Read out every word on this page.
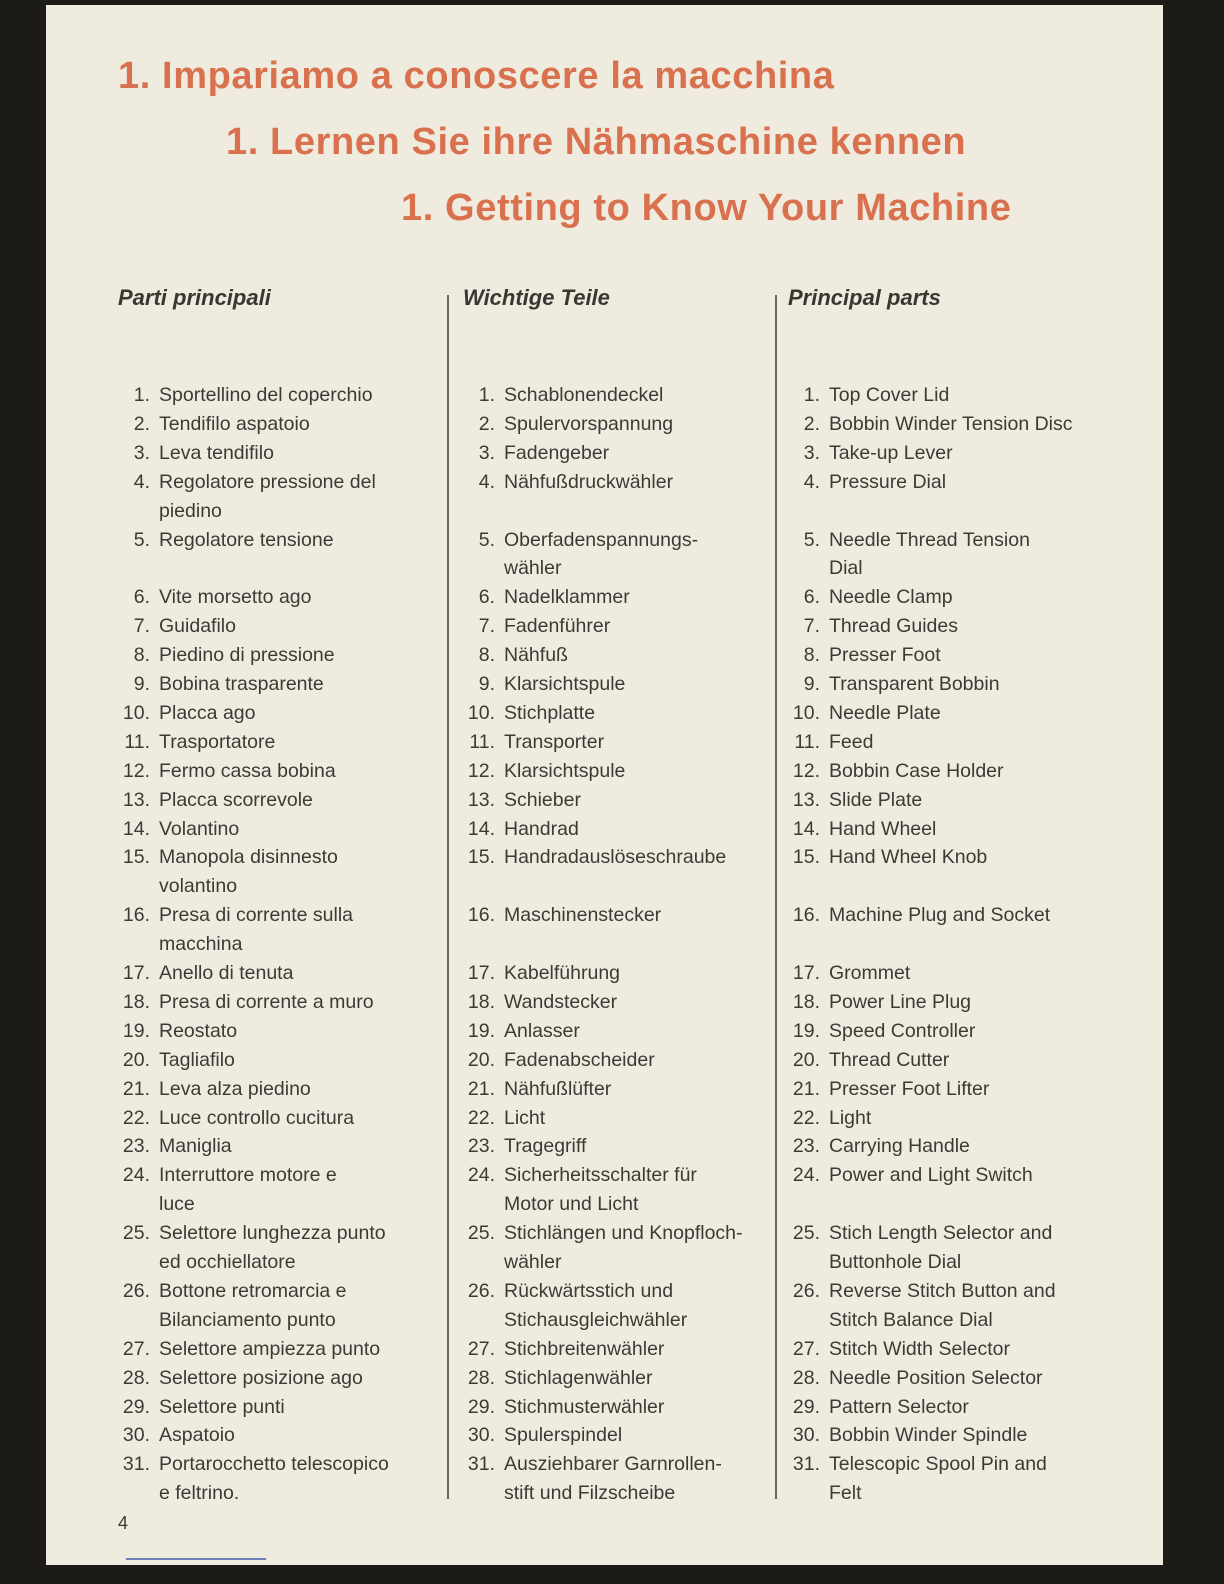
1. Impariamo a conoscere la macchina
1. Lernen Sie ihre Nähmaschine kennen
1. Getting to Know Your Machine
Parti principali	Wichtige Teile	Principal parts
1. Sportellino del coperchio
2. Tendifilo aspatoio
3. Leva tendifilo
4. Regolatore pressione del
piedino
5. Regolatore tensione
6. Vite morsetto ago
7. Guidafilo
8. Piedino di pressione
9. Bobina trasparente
10. Placca ago
11. Trasportatore
12. Fermo cassa bobina
13. Placca scorrevole
14. Volantino
15. Manopola disinnesto
volantino
16. Presa di corrente sulla
macchina
17. Anello di tenuta
18. Presa di corrente a muro
19. Reostato
20. Tagliafilo
21. Leva alza piedino
22. Luce controllo cucitura
23. Maniglia
24. Interruttore motore e
luce
25. Selettore lunghezza punto
ed occhiellatore
26. Bottone retromarcia e
Bilanciamento punto
27. Selettore ampiezza punto
28. Selettore posizione ago
29. Selettore punti
30. Aspatoio
31. Portarocchetto telescopico
e feltrino.
1. Schablonendeckel
2. Spulervorspannung
3. Fadengeber
4. Nähfußdruckwähler
5. Oberfadenspannungs-
wähler
6. Nadelklammer
7. Fadenführer
8. Nähfuß
9. Klarsichtspule
10. Stichplatte
11. Transporter
12. Klarsichtspule
13. Schieber
14. Handrad
15. Handradauslöseschraube
16. Maschinenstecker
17. Kabelführung
18. Wandstecker
19. Anlasser
20. Fadenabscheider
21. Nähfußlüfter
22. Licht
23. Tragegriff
24. Sicherheitsschalter für
Motor und Licht
25. Stichlängen und Knopfloch-
wähler
26. Rückwärtsstich und
Stichausgleichwähler
27. Stichbreitenwähler
28. Stichlagenwähler
29. Stichmusterwähler
30. Spulerspindel
31. Ausziehbarer Garnrollen-
stift und Filzscheibe
1. Top Cover Lid
2. Bobbin Winder Tension Disc
3. Take-up Lever
4. Pressure Dial
5. Needle Thread Tension
Dial
6. Needle Clamp
7. Thread Guides
8. Presser Foot
9. Transparent Bobbin
10. Needle Plate
11. Feed
12. Bobbin Case Holder
13. Slide Plate
14. Hand Wheel
15. Hand Wheel Knob
16. Machine Plug and Socket
17. Grommet
18. Power Line Plug
19. Speed Controller
20. Thread Cutter
21. Presser Foot Lifter
22. Light
23. Carrying Handle
24. Power and Light Switch
25. Stich Length Selector and
Buttonhole Dial
26. Reverse Stitch Button and
Stitch Balance Dial
27. Stitch Width Selector
28. Needle Position Selector
29. Pattern Selector
30. Bobbin Winder Spindle
31. Telescopic Spool Pin and
Felt
4
